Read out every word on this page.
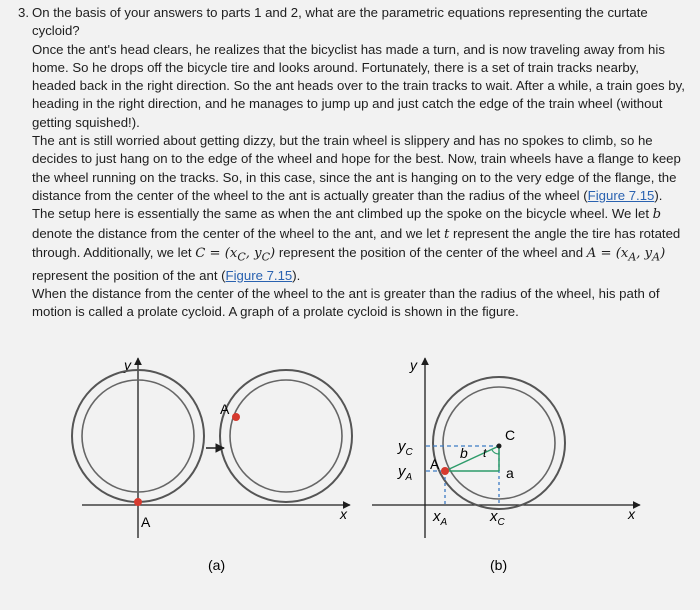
3. On the basis of your answers to parts 1 and 2, what are the parametric equations representing the curtate cycloid?

Once the ant's head clears, he realizes that the bicyclist has made a turn, and is now traveling away from his home. So he drops off the bicycle tire and looks around. Fortunately, there is a set of train tracks nearby, headed back in the right direction. So the ant heads over to the train tracks to wait. After a while, a train goes by, heading in the right direction, and he manages to jump up and just catch the edge of the train wheel (without getting squished!).

The ant is still worried about getting dizzy, but the train wheel is slippery and has no spokes to climb, so he decides to just hang on to the edge of the wheel and hope for the best. Now, train wheels have a flange to keep the wheel running on the tracks. So, in this case, since the ant is hanging on to the very edge of the flange, the distance from the center of the wheel to the ant is actually greater than the radius of the wheel (Figure 7.15). The setup here is essentially the same as when the ant climbed up the spoke on the bicycle wheel. We let b denote the distance from the center of the wheel to the ant, and we let t represent the angle the tire has rotated through. Additionally, we let $C = (x_C$, $y_C$) represent the position of the center of the wheel and $A = (x_A$, $y_A$) represent the position of the ant (Figure 7.15).

When the distance from the center of the wheel to the ant is greater than the radius of the wheel, his path of motion is called a prolate cycloid. A graph of a prolate cycloid is shown in the figure.

y
x
A
A
(a)
y
x
C
A
b t
a
$y_C$
$y_A$
$x_A$	$x_C$
(b)
